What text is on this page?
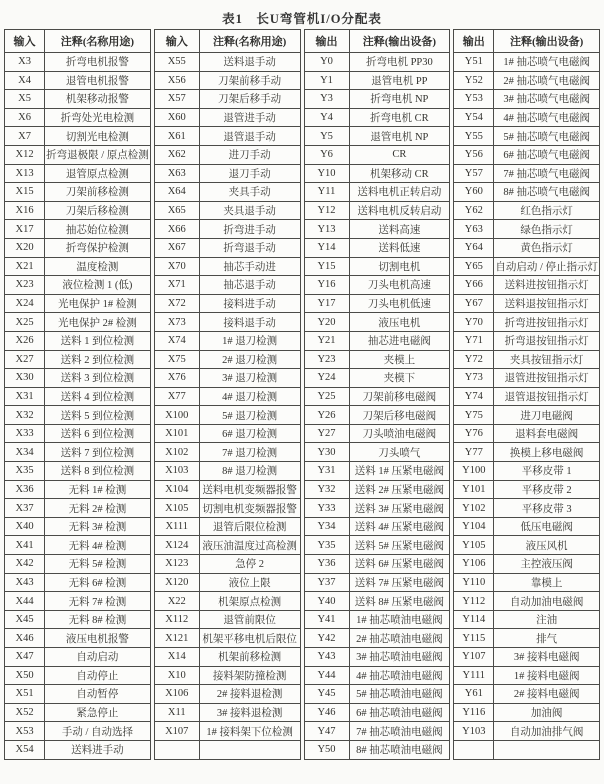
表1　长U弯管机I/O分配表
输入	注释(名称用途)
X3	折弯电机报警
X4	退管电机报警
X5	机架移动报警
X6	折弯处光电检测
X7	切割光电检测
X12	折弯退极限 / 原点检测
X13	退管原点检测
X15	刀架前移检测
X16	刀架后移检测
X17	抽芯始位检测
X20	折弯保护检测
X21	温度检测
X23	液位检测 1 (低)
X24	光电保护 1# 检测
X25	光电保护 2# 检测
X26	送料 1 到位检测
X27	送料 2 到位检测
X30	送料 3 到位检测
X31	送料 4 到位检测
X32	送料 5 到位检测
X33	送料 6 到位检测
X34	送料 7 到位检测
X35	送料 8 到位检测
X36	无料 1# 检测
X37	无料 2# 检测
X40	无料 3# 检测
X41	无料 4# 检测
X42	无料 5# 检测
X43	无料 6# 检测
X44	无料 7# 检测
X45	无料 8# 检测
X46	液压电机报警
X47	自动启动
X50	自动停止
X51	自动暂停
X52	紧急停止
X53	手动 / 自动选择
X54	送料进手动
输入	注释(名称用途)
X55	送料退手动
X56	刀架前移手动
X57	刀架后移手动
X60	退管进手动
X61	退管退手动
X62	进刀手动
X63	退刀手动
X64	夹具手动
X65	夹具退手动
X66	折弯进手动
X67	折弯退手动
X70	抽芯手动进
X71	抽芯退手动
X72	接料进手动
X73	接料退手动
X74	1# 退刀检测
X75	2# 退刀检测
X76	3# 退刀检测
X77	4# 退刀检测
X100	5# 退刀检测
X101	6# 退刀检测
X102	7# 退刀检测
X103	8# 退刀检测
X104	送料电机变频器报警
X105	切割电机变频器报警
X111	退管后限位检测
X124	液压油温度过高检测
X123	急停 2
X120	液位上限
X22	机架原点检测
X112	退管前限位
X121	机架平移电机后限位
X14	机架前移检测
X10	接料架防撞检测
X106	2# 接料退检测
X11	3# 接料退检测
X107	1# 接料架下位检测

输出	注释(输出设备)
Y0	折弯电机 PP30
Y1	退管电机 PP
Y3	折弯电机 NP
Y4	折弯电机 CR
Y5	退管电机 NP
Y6	CR
Y10	机架移动 CR
Y11	送料电机正转启动
Y12	送料电机反转启动
Y13	送料高速
Y14	送料低速
Y15	切割电机
Y16	刀头电机高速
Y17	刀头电机低速
Y20	液压电机
Y21	抽芯进电磁阀
Y23	夹模上
Y24	夹模下
Y25	刀架前移电磁阀
Y26	刀架后移电磁阀
Y27	刀头喷油电磁阀
Y30	刀头喷气
Y31	送料 1# 压紧电磁阀
Y32	送料 2# 压紧电磁阀
Y33	送料 3# 压紧电磁阀
Y34	送料 4# 压紧电磁阀
Y35	送料 5# 压紧电磁阀
Y36	送料 6# 压紧电磁阀
Y37	送料 7# 压紧电磁阀
Y40	送料 8# 压紧电磁阀
Y41	1# 抽芯喷油电磁阀
Y42	2# 抽芯喷油电磁阀
Y43	3# 抽芯喷油电磁阀
Y44	4# 抽芯喷油电磁阀
Y45	5# 抽芯喷油电磁阀
Y46	6# 抽芯喷油电磁阀
Y47	7# 抽芯喷油电磁阀
Y50	8# 抽芯喷油电磁阀
输出	注释(输出设备)
Y51	1# 抽芯喷气电磁阀
Y52	2# 抽芯喷气电磁阀
Y53	3# 抽芯喷气电磁阀
Y54	4# 抽芯喷气电磁阀
Y55	5# 抽芯喷气电磁阀
Y56	6# 抽芯喷气电磁阀
Y57	7# 抽芯喷气电磁阀
Y60	8# 抽芯喷气电磁阀
Y62	红色指示灯
Y63	绿色指示灯
Y64	黄色指示灯
Y65	自动启动 / 停止指示灯
Y66	送料进按钮指示灯
Y67	送料退按钮指示灯
Y70	折弯进按钮指示灯
Y71	折弯退按钮指示灯
Y72	夹具按钮指示灯
Y73	退管进按钮指示灯
Y74	退管退按钮指示灯
Y75	进刀电磁阀
Y76	退料套电磁阀
Y77	换模上移电磁阀
Y100	平移皮带 1
Y101	平移皮带 2
Y102	平移皮带 3
Y104	低压电磁阀
Y105	液压风机
Y106	主控液压阀
Y110	靠模上
Y112	自动加油电磁阀
Y114	注油
Y115	排气
Y107	3# 接料电磁阀
Y111	1# 接料电磁阀
Y61	2# 接料电磁阀
Y116	加油阀
Y103	自动加油排气阀
